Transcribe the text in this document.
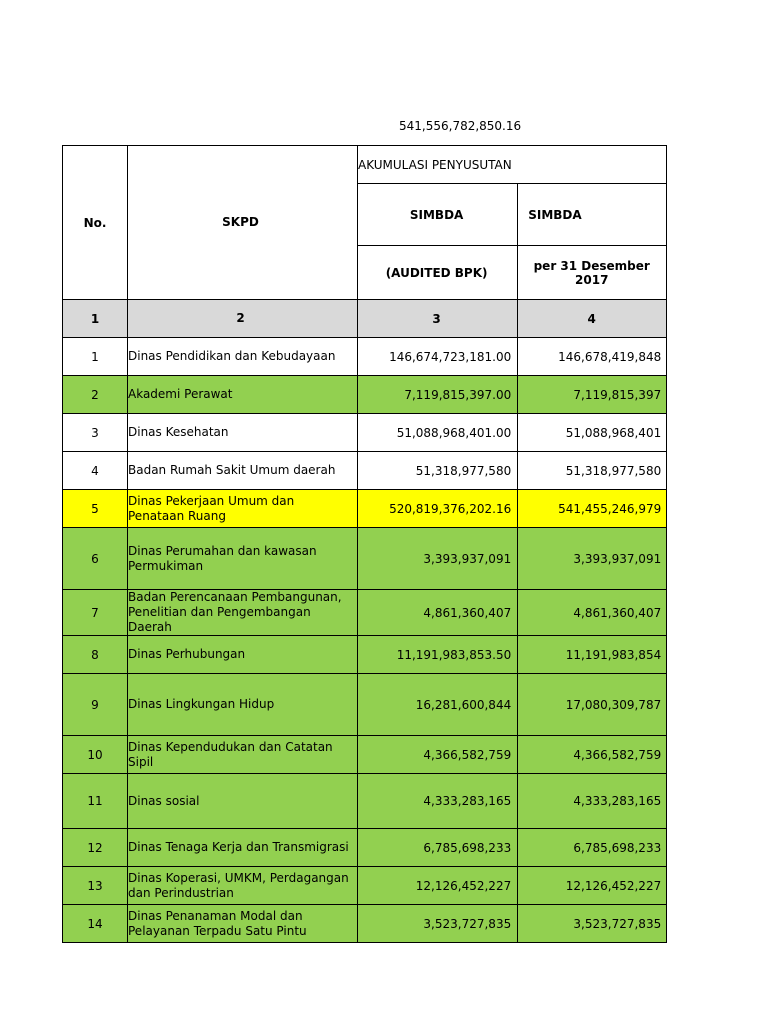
541,556,782,850.16
No.	SKPD	AKUMULASI PENYUSUTAN	
		SIMBDA	SIMBDA
		(AUDITED BPK)	per 31 Desember 2017
1	2	3	4
1	Dinas Pendidikan dan Kebudayaan	146,674,723,181.00	146,678,419,848
2	Akademi Perawat	7,119,815,397.00	7,119,815,397
3	Dinas Kesehatan	51,088,968,401.00	51,088,968,401
4	Badan Rumah Sakit Umum daerah	51,318,977,580	51,318,977,580
5	Dinas Pekerjaan Umum dan Penataan Ruang	520,819,376,202.16	541,455,246,979
6	Dinas Perumahan dan kawasan Permukiman	3,393,937,091	3,393,937,091
7	Badan Perencanaan Pembangunan, Penelitian dan Pengembangan Daerah	4,861,360,407	4,861,360,407
8	Dinas Perhubungan	11,191,983,853.50	11,191,983,854
9	Dinas Lingkungan Hidup	16,281,600,844	17,080,309,787
10	Dinas Kependudukan dan Catatan Sipil	4,366,582,759	4,366,582,759
11	Dinas sosial	4,333,283,165	4,333,283,165
12	Dinas Tenaga Kerja dan Transmigrasi	6,785,698,233	6,785,698,233
13	Dinas Koperasi, UMKM, Perdagangan dan Perindustrian	12,126,452,227	12,126,452,227
14	Dinas Penanaman Modal dan Pelayanan Terpadu Satu Pintu	3,523,727,835	3,523,727,835
